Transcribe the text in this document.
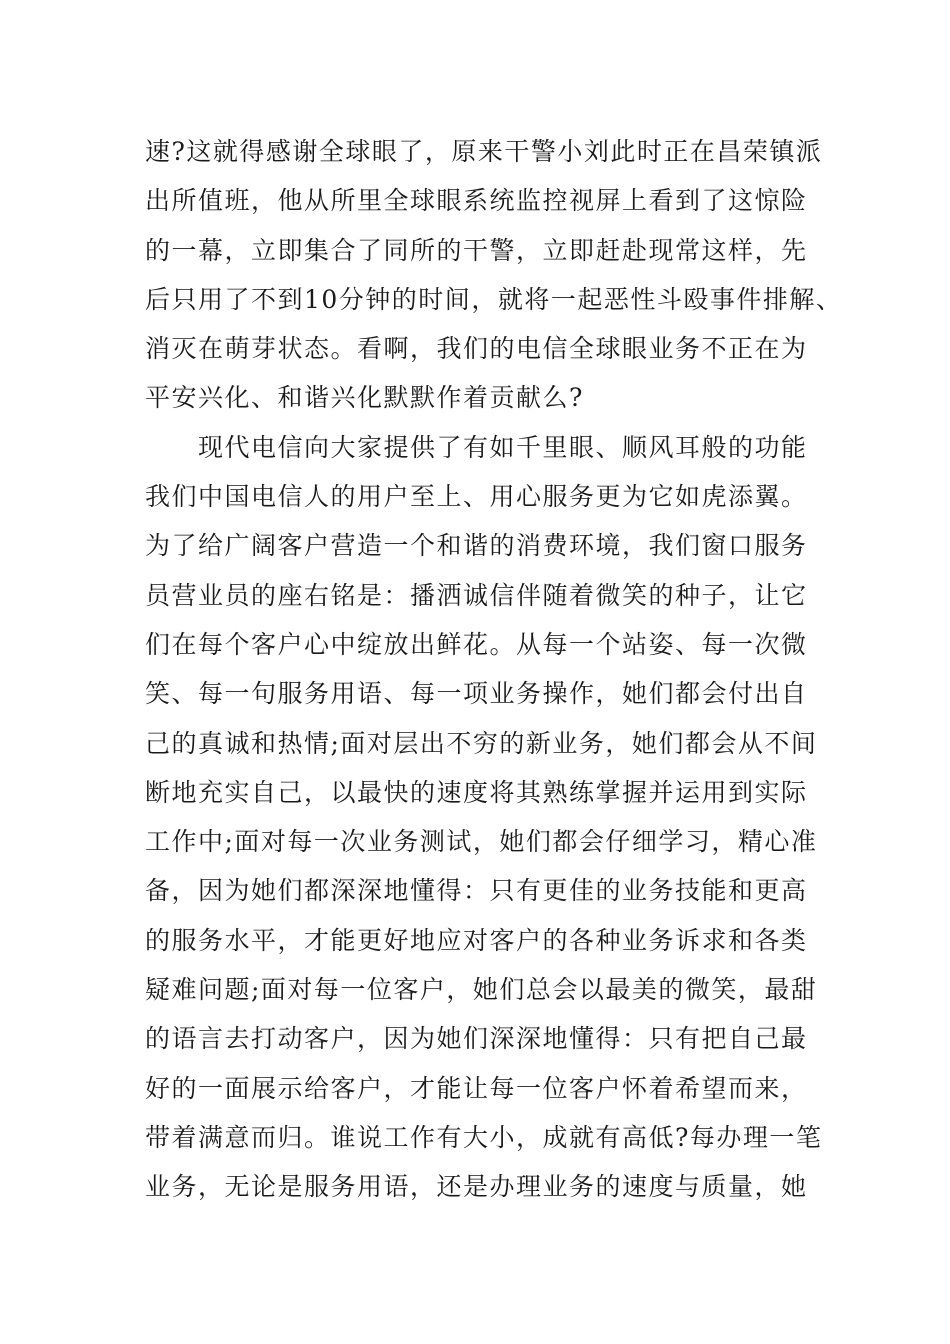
速?这就得感谢全球眼了，原来干警小刘此时正在昌荣镇派
出所值班，他从所里全球眼系统监控视屏上看到了这惊险
的一幕，立即集合了同所的干警，立即赶赴现常这样，先
后只用了不到10分钟的时间，就将一起恶性斗殴事件排解、
消灭在萌芽状态。看啊，我们的电信全球眼业务不正在为
平安兴化、和谐兴化默默作着贡献么?
　　现代电信向大家提供了有如千里眼、顺风耳般的功能
我们中国电信人的用户至上、用心服务更为它如虎添翼。
为了给广阔客户营造一个和谐的消费环境，我们窗口服务
员营业员的座右铭是：播洒诚信伴随着微笑的种子，让它
们在每个客户心中绽放出鲜花。从每一个站姿、每一次微
笑、每一句服务用语、每一项业务操作，她们都会付出自
己的真诚和热情;面对层出不穷的新业务，她们都会从不间
断地充实自己，以最快的速度将其熟练掌握并运用到实际
工作中;面对每一次业务测试，她们都会仔细学习，精心准
备，因为她们都深深地懂得：只有更佳的业务技能和更高
的服务水平，才能更好地应对客户的各种业务诉求和各类
疑难问题;面对每一位客户，她们总会以最美的微笑，最甜
的语言去打动客户，因为她们深深地懂得：只有把自己最
好的一面展示给客户，才能让每一位客户怀着希望而来，
带着满意而归。谁说工作有大小，成就有高低?每办理一笔
业务，无论是服务用语，还是办理业务的速度与质量，她
